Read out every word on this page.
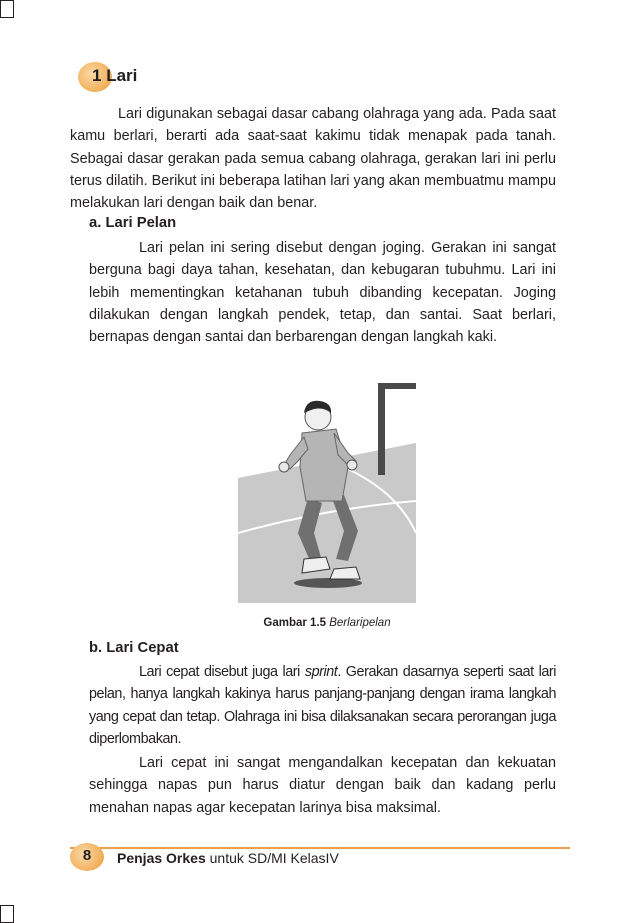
1 Lari

Lari digunakan sebagai dasar cabang olahraga yang ada. Pada saat kamu berlari, berarti ada saat-saat kakimu tidak menapak pada tanah. Sebagai dasar gerakan pada semua cabang olahraga, gerakan lari ini perlu terus dilatih. Berikut ini beberapa latihan lari yang akan membuatmu mampu melakukan lari dengan baik dan benar.

a. Lari Pelan

Lari pelan ini sering disebut dengan joging. Gerakan ini sangat berguna bagi daya tahan, kesehatan, dan kebugaran tubuhmu. Lari ini lebih mementingkan ketahanan tubuh dibanding kecepatan. Joging dilakukan dengan langkah pendek, tetap, dan santai. Saat berlari, bernapas dengan santai dan berbarengan dengan langkah kaki.

Gambar 1.5 Berlaripelan

b. Lari Cepat

Lari cepat disebut juga lari sprint. Gerakan dasarnya seperti saat lari pelan, hanya langkah kakinya harus panjang-panjang dengan irama langkah yang cepat dan tetap. Olahraga ini bisa dilaksanakan secara perorangan juga diperlombakan.

Lari cepat ini sangat mengandalkan kecepatan dan kekuatan sehingga napas pun harus diatur dengan baik dan kadang perlu menahan napas agar kecepatan larinya bisa maksimal.

8	Penjas Orkes untuk SD/MI KelasIV
